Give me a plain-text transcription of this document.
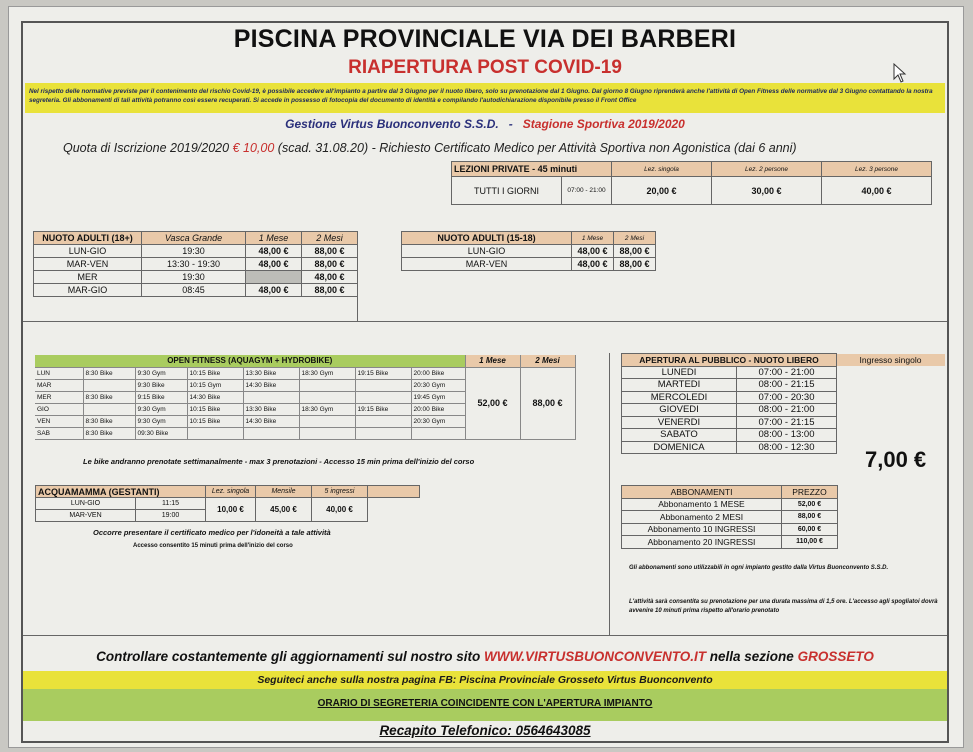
PISCINA PROVINCIALE VIA DEI BARBERI
RIAPERTURA POST COVID-19
Nel rispetto delle normative previste per il contenimento del rischio Covid-19, è possibile accedere all'impianto a partire dal 3 Giugno per il nuoto libero, solo su prenotazione dal 1 Giugno. Dal giorno 8 Giugno riprenderà anche l'attività di Open Fitness delle normative dal 3 Giugno contattando la nostra segreteria. Gli abbonamenti di tali attività potranno così essere recuperati. Si accede in possesso di fotocopia del documento di identità e compilando l'autodichiarazione disponibile presso il Front Office
Gestione Virtus Buonconvento S.S.D. - Stagione Sportiva 2019/2020
Quota di Iscrizione 2019/2020 € 10,00 (scad. 31.08.20) - Richiesto Certificato Medico per Attività Sportiva non Agonistica (dai 6 anni)
LEZIONI PRIVATE - 45 minuti		Lez. singola	Lez. 2 persone	Lez. 3 persone
TUTTI I GIORNI	07:00 - 21:00	20,00 €	30,00 €	40,00 €
NUOTO ADULTI (18+)	Vasca Grande	1 Mese	2 Mesi
LUN-GIO	19:30	48,00 €	88,00 €
MAR-VEN	13:30 - 19:30	48,00 €	88,00 €
MER	19:30		48,00 €
MAR-GIO	08:45	48,00 €	88,00 €
NUOTO ADULTI (15-18)	1 Mese	2 Mesi
LUN-GIO	48,00 €	88,00 €
MAR-VEN	48,00 €	88,00 €
OPEN FITNESS (AQUAGYM + HYDROBIKE)								1 Mese	2 Mesi
LUN	8:30 Bike	9:30 Gym	10:15 Bike	13:30 Bike	18:30 Gym	19:15 Bike	20:00 Bike	52,00 €	88,00 €
MAR		9:30 Bike	10:15 Gym	14:30 Bike			20:30 Gym		
MER	8:30 Bike	9:15 Bike	14:30 Bike				19:45 Gym		
GIO		9:30 Gym	10:15 Bike	13:30 Bike	18:30 Gym	19:15 Bike	20:00 Bike		
VEN	8:30 Bike	9:30 Gym	10:15 Bike	14:30 Bike			20:30 Gym		
SAB	8:30 Bike	09:30 Bike							
Le bike andranno prenotate settimanalmente - max 3 prenotazioni - Accesso 15 min prima dell'inizio del corso
ACQUAMAMMA (GESTANTI)		Lez. singola	Mensile	5 ingressi	
LUN-GIO	11:15	10,00 €	45,00 €	40,00 €	
MAR-VEN	19:00				
Occorre presentare il certificato medico per l'idoneità a tale attività
Accesso consentito 15 minuti prima dell'inizio del corso
APERTURA AL PUBBLICO - NUOTO LIBERO		Ingresso singolo
LUNEDI	07:00 - 21:00	
MARTEDI	08:00 - 21:15	
MERCOLEDI	07:00 - 20:30	
GIOVEDI	08:00 - 21:00	
VENERDI	07:00 - 21:15	
SABATO	08:00 - 13:00	
DOMENICA	08:00 - 12:30	7,00 €
ABBONAMENTI	PREZZO
Abbonamento 1 MESE	52,00 €
Abbonamento 2 MESI	88,00 €
Abbonamento 10 INGRESSI	60,00 €
Abbonamento 20 INGRESSI	110,00 €
Gli abbonamenti sono utilizzabili in ogni impianto gestito dalla Virtus Buonconvento S.S.D.
L'attività sarà consentita su prenotazione per una durata massima di 1,5 ore. L'accesso agli spogliatoi dovrà avvenire 10 minuti prima rispetto all'orario prenotato
Controllare costantemente gli aggiornamenti sul nostro sito WWW.VIRTUSBUONCONVENTO.IT nella sezione GROSSETO
Seguiteci anche sulla nostra pagina FB: Piscina Provinciale Grosseto Virtus Buonconvento
ORARIO DI SEGRETERIA COINCIDENTE CON L'APERTURA IMPIANTO
Recapito Telefonico: 0564643085
